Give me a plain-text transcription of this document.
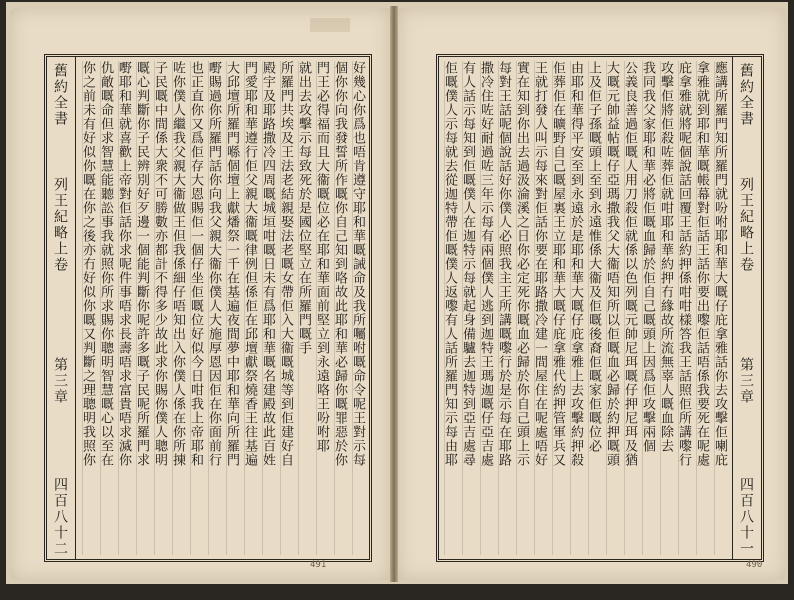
舊約全書
列王紀略上卷
第三章
四百八十二
好幾心你爲也唔肯遵守耶和華嘅誡命及我所囑咐嘅命令呢王對示每
個你你向我發誓所作嘅你自己知到咯故此耶和華必歸你嘅罪惡於你
門王必得福而且大衞嘅位必在耶和華面前堅立到永遠咯王吩咐耶
就出去攻擊示每致死於是國位堅立在所羅門嘅手
所羅門共埃及王法老結親娶法老嘅女帶佢入大衞嘅城等到佢建好自
殿宇及耶路撒冷四周嘅城垣咁嘅日未有爲耶和華嘅名建殿故此百姓
門愛耶和華遵行佢父親大衞嘅律例但係佢在邱壇獻祭燒香王往基遍
大邱壇所羅門喺個壇上獻燔祭一千在基遍夜間夢中耶和華向所羅門
嘢賜過你所羅門話你向我父親大衞你僕人大施厚恩因佢在你面前行
也正直你又爲佢存大恩賜佢一個仔坐佢嘅位好似今日咁我上帝耶和
咗你僕人繼我父親大衞做王但我係細仔唔知出入你僕人係在你所揀
子民嘅中間係大衆不可勝數亦都計不得多少故此求你賜你僕人聰明
嘅心判斷你子民辨別好歹邊一個能判斷你呢許多嘅子民呢所羅門求
嘢耶和華就喜歡上帝對佢話你求呢件事唔求長壽唔求富貴唔求滅你
仇敵嘅命但求智慧能聽訟事我就照你所求賜你聰明智慧嘅心以至在
你之前未有好似你嘅在你之後亦冇好似你嘅又判斷之理聰明我照你
491
舊約全書
列王紀略上卷
第三章
四百八十一
應講所羅門知所羅門就吩咐耶和華大嘅仔庇拿雅話你去攻擊佢喇庇
拿雅就到耶和華嘅帳幕對佢話王話你要出嚟佢話唔係我要死在呢處
庇拿雅就將呢個說話回覆王話約押係咁咁樣答我王話照佢所講嚟行
攻擊佢將佢殺咗葬佢就咁耶和華約押冇緣故所流無辜人嘅血除去
我同我父家耶和華必將佢嘅血歸於佢自己嘅頭上因爲佢攻擊兩個
公義良善過佢嘅人用刀殺佢就係以色列嘅元帥尼珥嘅仔押尼珥及猶
大嘅元帥益帖嘅仔亞瑪撒我父大衞唔知所以佢嘅血必歸於約押嘅頭
上及佢子孫嘅頭上至到永遠惟係大衞及佢嘅後裔佢嘅家佢嘅位必
由耶和華得平安至到永遠於是耶和華大嘅仔庇拿雅上去攻擊約押殺
佢葬佢在曠野自己嘅屋裏王立耶和華大嘅仔庇拿雅代約押管軍兵又
王就打發人叫示每來對佢話你要在耶路撒冷建一間屋住在呢處唔好
實在知到你出去過汲淪溪之日你必定死你嘅血必歸於你自己頭上示
每對王話呢個說話好你僕人必照我主王所講嘅嚟行於是示每在耶路
撒冷住咗好耐過咗三年示每有兩個僕人逃到迦特王瑪迦嘅仔亞吉處
有人話示每知到佢嘅僕人在迦特示每就起身備驢去迦特到亞吉處尋
佢嘅僕人示每就去從迦特帶佢嘅僕人返嚟有人話所羅門知示每由耶
490
